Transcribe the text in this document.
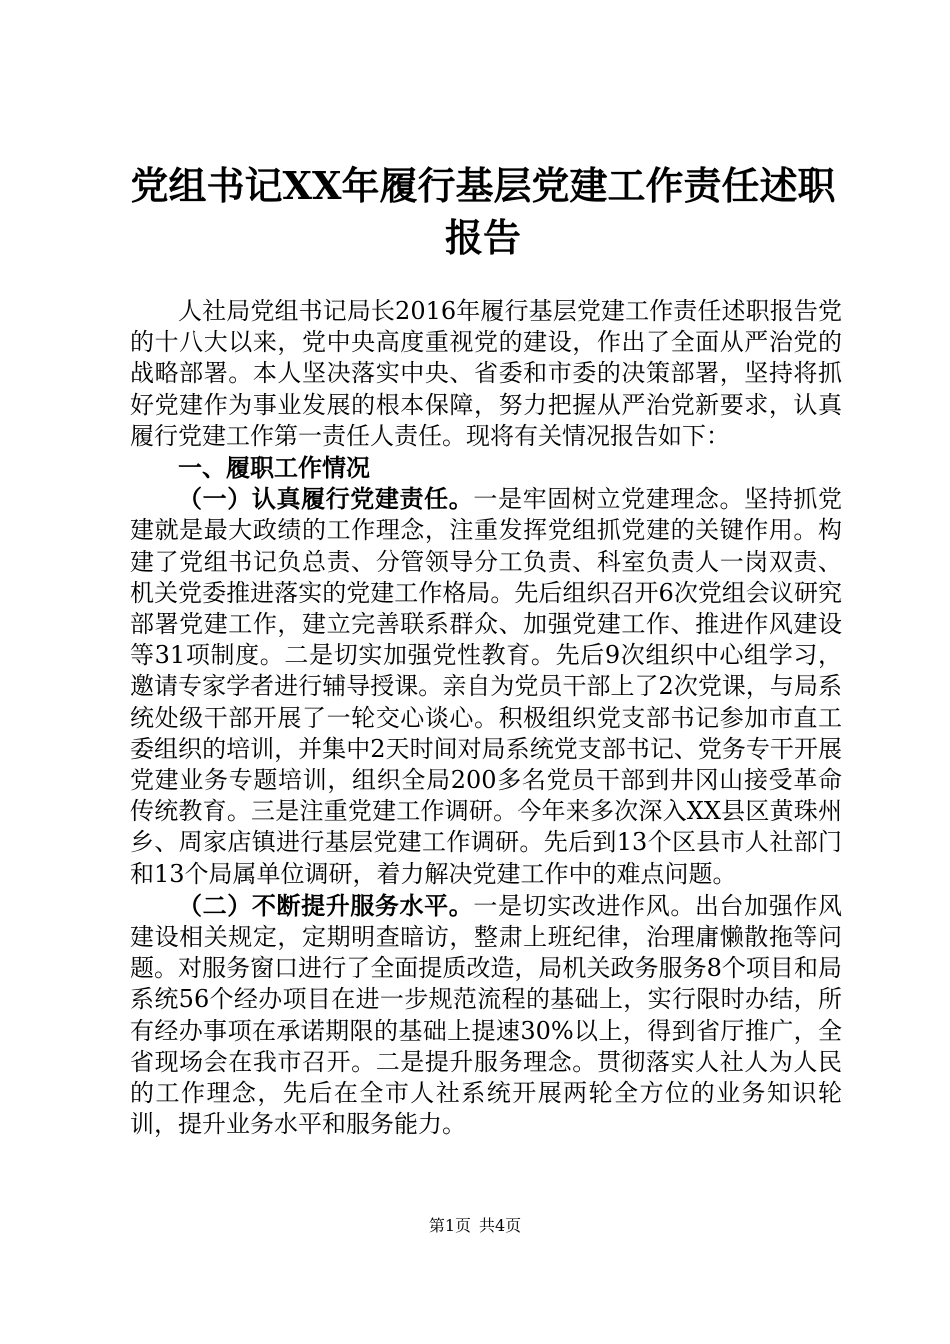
党组书记XX年履行基层党建工作责任述职报告

人社局党组书记局长2016年履行基层党建工作责任述职报告党的十八大以来，党中央高度重视党的建设，作出了全面从严治党的战略部署。本人坚决落实中央、省委和市委的决策部署，坚持将抓好党建作为事业发展的根本保障，努力把握从严治党新要求，认真履行党建工作第一责任人责任。现将有关情况报告如下：

一、履职工作情况

（一）认真履行党建责任。一是牢固树立党建理念。坚持抓党建就是最大政绩的工作理念，注重发挥党组抓党建的关键作用。构建了党组书记负总责、分管领导分工负责、科室负责人一岗双责、机关党委推进落实的党建工作格局。先后组织召开6次党组会议研究部署党建工作，建立完善联系群众、加强党建工作、推进作风建设等31项制度。二是切实加强党性教育。先后9次组织中心组学习，邀请专家学者进行辅导授课。亲自为党员干部上了2次党课，与局系统处级干部开展了一轮交心谈心。积极组织党支部书记参加市直工委组织的培训，并集中2天时间对局系统党支部书记、党务专干开展党建业务专题培训，组织全局200多名党员干部到井冈山接受革命传统教育。三是注重党建工作调研。今年来多次深入XX县区黄珠州乡、周家店镇进行基层党建工作调研。先后到13个区县市人社部门和13个局属单位调研，着力解决党建工作中的难点问题。

（二）不断提升服务水平。一是切实改进作风。出台加强作风建设相关规定，定期明查暗访，整肃上班纪律，治理庸懒散拖等问题。对服务窗口进行了全面提质改造，局机关政务服务8个项目和局系统56个经办项目在进一步规范流程的基础上，实行限时办结，所有经办事项在承诺期限的基础上提速30%以上，得到省厅推广，全省现场会在我市召开。二是提升服务理念。贯彻落实人社人为人民的工作理念，先后在全市人社系统开展两轮全方位的业务知识轮训，提升业务水平和服务能力。

第1页 共4页
